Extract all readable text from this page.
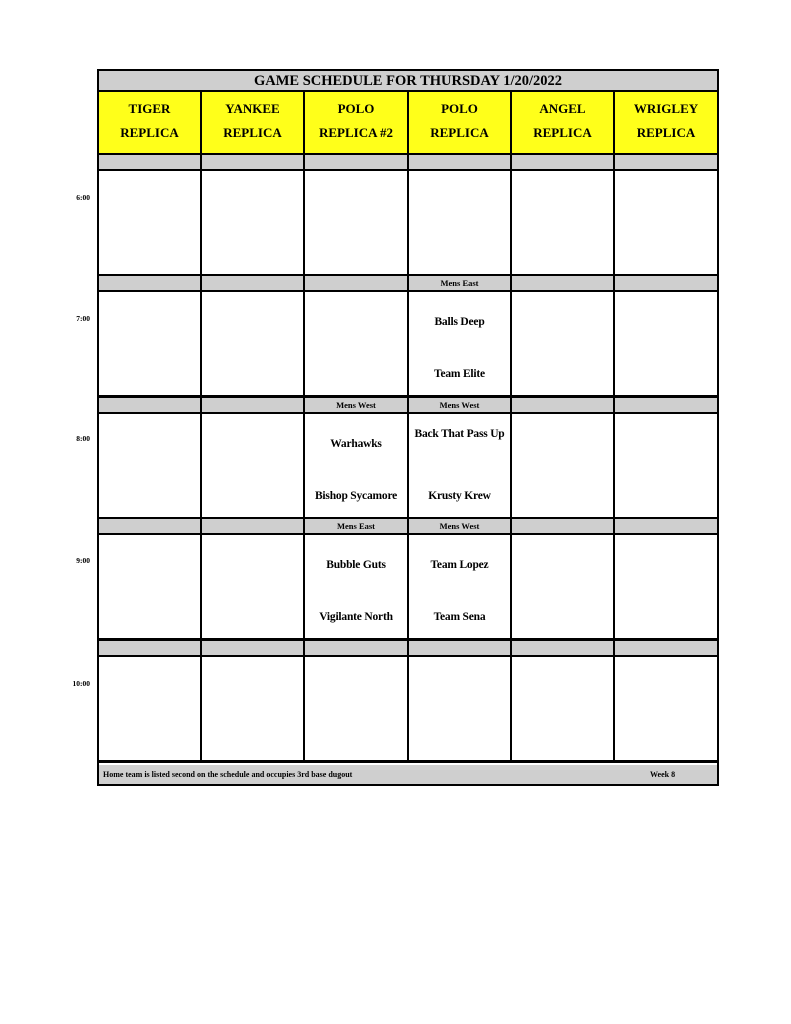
GAME SCHEDULE FOR THURSDAY 1/20/2022
Home team is listed second on the schedule and occupies 3rd base dugout	Week 8
TIGER
REPLICA
YANKEE
REPLICA
POLO
REPLICA #2
POLO
REPLICA
ANGEL
REPLICA
WRIGLEY
REPLICA
Mens East
Balls Deep
Team Elite
Mens West
Warhawks
Bishop Sycamore
Mens West
Back That Pass Up
Krusty Krew
Mens East
Bubble Guts
Vigilante North
Mens West
Team Lopez
Team Sena
6:00
7:00
8:00
9:00
10:00
